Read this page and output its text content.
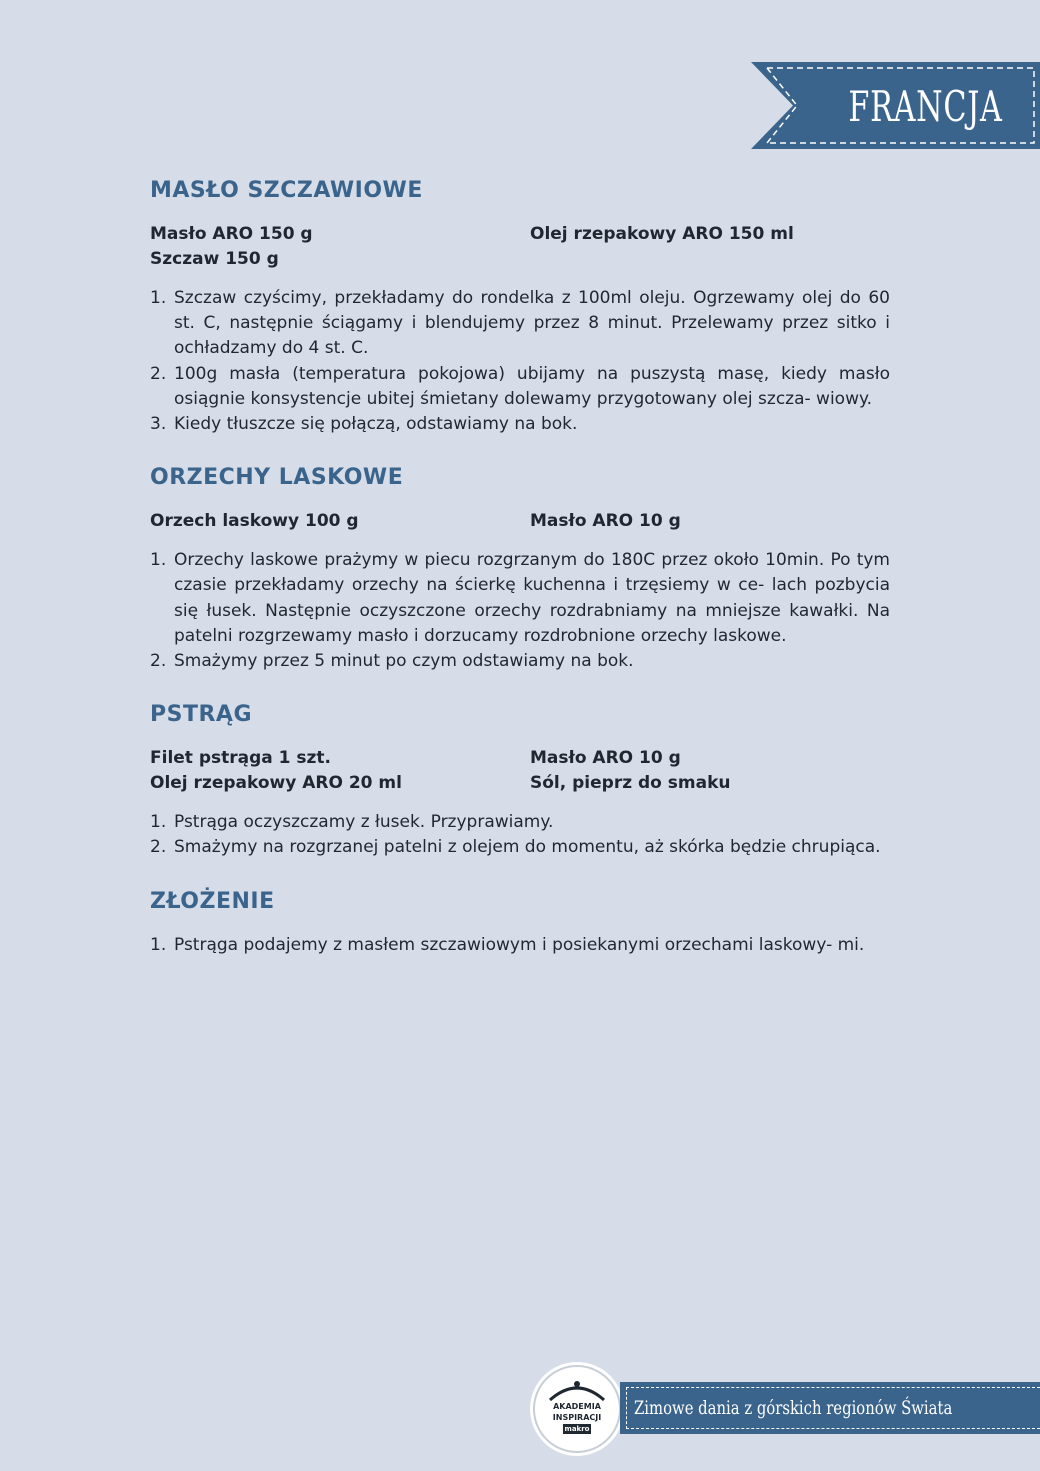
FRANCJA
MASŁO SZCZAWIOWE
Masło ARO 150 g	Olej rzepakowy ARO 150 ml
Szczaw 150 g
1. Szczaw czyścimy, przekładamy do rondelka z 100ml oleju. Ogrzewamy olej do 60 st. C, następnie ściągamy i blendujemy przez 8 minut. Przelewamy przez sitko i ochładzamy do 4 st. C.
2. 100g masła (temperatura pokojowa) ubijamy na puszystą masę, kiedy masło osiągnie konsystencje ubitej śmietany dolewamy przygotowany olej szcza- wiowy.
3. Kiedy tłuszcze się połączą, odstawiamy na bok.
ORZECHY LASKOWE
Orzech laskowy 100 g	Masło ARO 10 g
1. Orzechy laskowe prażymy w piecu rozgrzanym do 180C przez około 10min. Po tym czasie przekładamy orzechy na ścierkę kuchenna i trzęsiemy w ce- lach pozbycia się łusek. Następnie oczyszczone orzechy rozdrabniamy na mniejsze kawałki. Na patelni rozgrzewamy masło i dorzucamy rozdrobnione orzechy laskowe.
2. Smażymy przez 5 minut po czym odstawiamy na bok.
PSTRĄG
Filet pstrąga 1 szt.	Masło ARO 10 g
Olej rzepakowy ARO 20 ml	Sól, pieprz do smaku
1. Pstrąga oczyszczamy z łusek. Przyprawiamy.
2. Smażymy na rozgrzanej patelni z olejem do momentu, aż skórka będzie chrupiąca.
ZŁOŻENIE
1. Pstrąga podajemy z masłem szczawiowym i posiekanymi orzechami laskowy- mi.
AKADEMIA
INSPIRACJI
makro
Zimowe dania z górskich regionów Świata
